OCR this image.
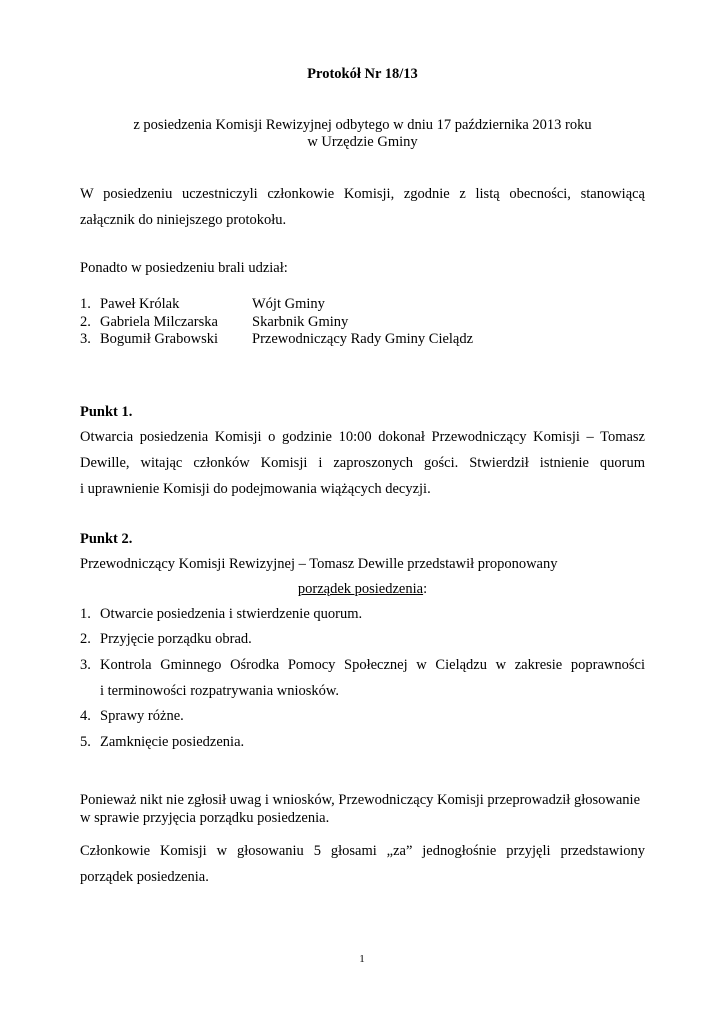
Protokół Nr 18/13
z posiedzenia Komisji Rewizyjnej odbytego w dniu 17 października 2013 roku
w Urzędzie Gminy
W posiedzeniu uczestniczyli członkowie Komisji, zgodnie z listą obecności, stanowiącą
załącznik do niniejszego protokołu.
Ponadto w posiedzeniu brali udział:
1. Paweł Królak	Wójt Gminy
2. Gabriela Milczarska Skarbnik Gminy
3. Bogumił Grabowski Przewodniczący Rady Gminy Cielądz
Punkt 1.
Otwarcia posiedzenia Komisji o godzinie 10:00 dokonał Przewodniczący Komisji – Tomasz
Dewille, witając członków Komisji i zaproszonych gości. Stwierdził istnienie quorum
i uprawnienie Komisji do podejmowania wiążących decyzji.
Punkt 2.
Przewodniczący Komisji Rewizyjnej – Tomasz Dewille przedstawił proponowany
porządek posiedzenia:
1. Otwarcie posiedzenia i stwierdzenie quorum.
2. Przyjęcie porządku obrad.
3. Kontrola Gminnego Ośrodka Pomocy Społecznej w Cielądzu w zakresie poprawności
i terminowości rozpatrywania wniosków.
4. Sprawy różne.
5. Zamknięcie posiedzenia.
Ponieważ nikt nie zgłosił uwag i wniosków, Przewodniczący Komisji przeprowadził głosowanie
w sprawie przyjęcia porządku posiedzenia.
Członkowie Komisji w głosowaniu 5 głosami „za” jednogłośnie przyjęli przedstawiony
porządek posiedzenia.
1
